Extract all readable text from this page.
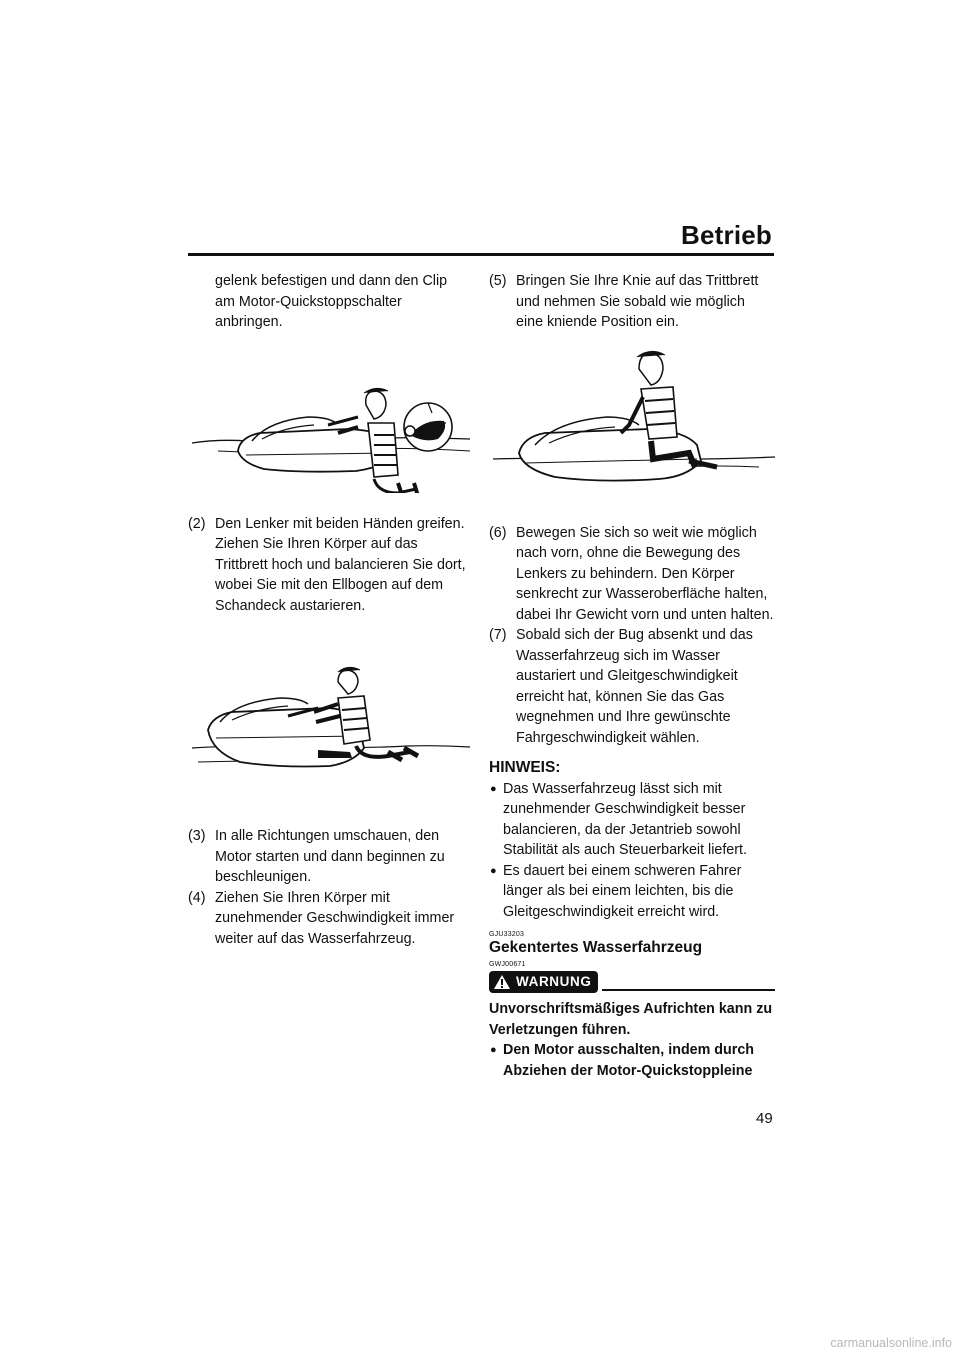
Betrieb

gelenk befestigen und dann den Clip am Motor-Quickstoppschalter anbringen.

(2) Den Lenker mit beiden Händen greifen. Ziehen Sie Ihren Körper auf das Trittbrett hoch und balancieren Sie dort, wobei Sie mit den Ellbogen auf dem Schandeck austarieren.

(3) In alle Richtungen umschauen, den Motor starten und dann beginnen zu beschleunigen.

(4) Ziehen Sie Ihren Körper mit zunehmender Geschwindigkeit immer weiter auf das Wasserfahrzeug.

(5) Bringen Sie Ihre Knie auf das Trittbrett und nehmen Sie sobald wie möglich eine kniende Position ein.

(6) Bewegen Sie sich so weit wie möglich nach vorn, ohne die Bewegung des Lenkers zu behindern. Den Körper senkrecht zur Wasseroberfläche halten, dabei Ihr Gewicht vorn und unten halten.

(7) Sobald sich der Bug absenkt und das Wasserfahrzeug sich im Wasser austariert und Gleitgeschwindigkeit erreicht hat, können Sie das Gas wegnehmen und Ihre gewünschte Fahrgeschwindigkeit wählen.

HINWEIS:

● Das Wasserfahrzeug lässt sich mit zunehmender Geschwindigkeit besser balancieren, da der Jetantrieb sowohl Stabilität als auch Steuerbarkeit liefert.

● Es dauert bei einem schweren Fahrer länger als bei einem leichten, bis die Gleitgeschwindigkeit erreicht wird.

GJU33203

Gekentertes Wasserfahrzeug

GWJ00671

WARNUNG

Unvorschriftsmäßiges Aufrichten kann zu Verletzungen führen.

● Den Motor ausschalten, indem durch Abziehen der Motor-Quickstoppleine

49
carmanualsonline.info
